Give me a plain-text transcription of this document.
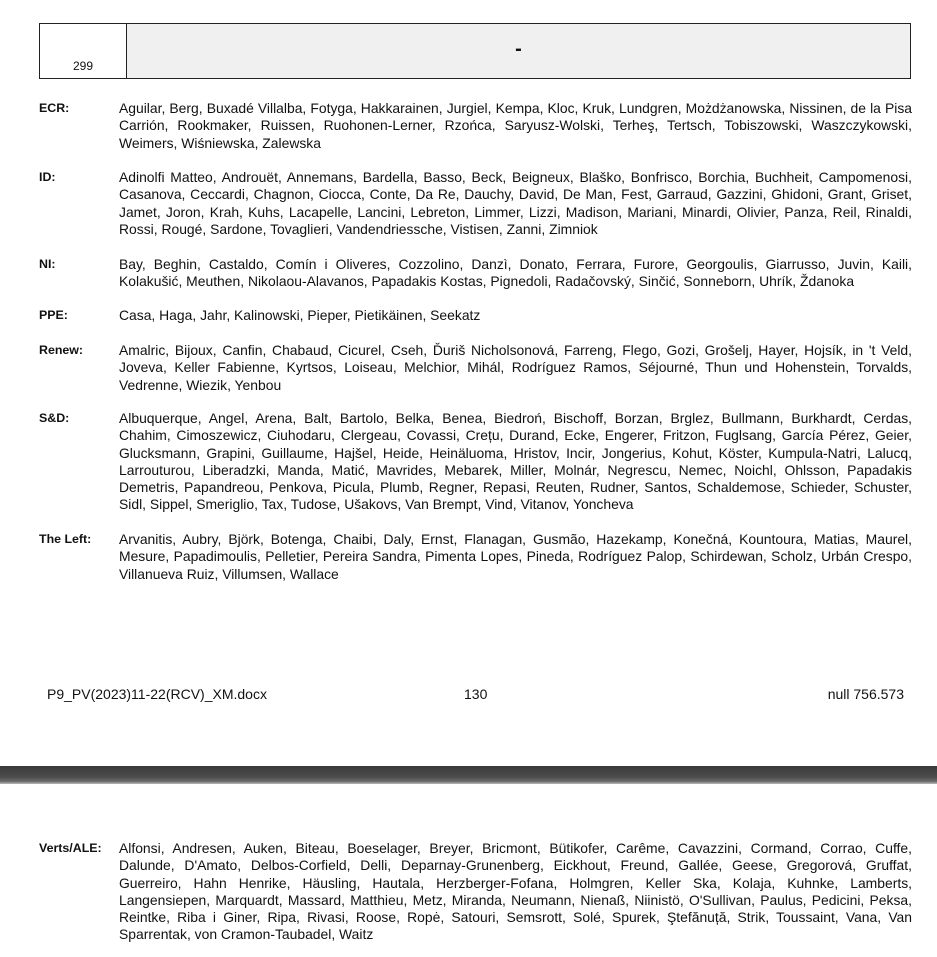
299
-
ECR:	Aguilar, Berg, Buxadé Villalba, Fotyga, Hakkarainen, Jurgiel, Kempa, Kloc, Kruk, Lundgren, Możdżanowska, Nissinen, de la Pisa Carrión, Rookmaker, Ruissen, Ruohonen-Lerner, Rzońca, Saryusz-Wolski, Terheş, Tertsch, Tobiszowski, Waszczykowski, Weimers, Wiśniewska, Zalewska
ID:	Adinolfi Matteo, Androuët, Annemans, Bardella, Basso, Beck, Beigneux, Blaško, Bonfrisco, Borchia, Buchheit, Campomenosi, Casanova, Ceccardi, Chagnon, Ciocca, Conte, Da Re, Dauchy, David, De Man, Fest, Garraud, Gazzini, Ghidoni, Grant, Griset, Jamet, Joron, Krah, Kuhs, Lacapelle, Lancini, Lebreton, Limmer, Lizzi, Madison, Mariani, Minardi, Olivier, Panza, Reil, Rinaldi, Rossi, Rougé, Sardone, Tovaglieri, Vandendriessche, Vistisen, Zanni, Zimniok
NI:	Bay, Beghin, Castaldo, Comín i Oliveres, Cozzolino, Danzì, Donato, Ferrara, Furore, Georgoulis, Giarrusso, Juvin, Kaili, Kolakušić, Meuthen, Nikolaou-Alavanos, Papadakis Kostas, Pignedoli, Radačovský, Sinčić, Sonneborn, Uhrík, Ždanoka
PPE:	Casa, Haga, Jahr, Kalinowski, Pieper, Pietikäinen, Seekatz
Renew:	Amalric, Bijoux, Canfin, Chabaud, Cicurel, Cseh, Ďuriš Nicholsonová, Farreng, Flego, Gozi, Grošelj, Hayer, Hojsík, in 't Veld, Joveva, Keller Fabienne, Kyrtsos, Loiseau, Melchior, Mihál, Rodríguez Ramos, Séjourné, Thun und Hohenstein, Torvalds, Vedrenne, Wiezik, Yenbou
S&D:	Albuquerque, Angel, Arena, Balt, Bartolo, Belka, Benea, Biedroń, Bischoff, Borzan, Brglez, Bullmann, Burkhardt, Cerdas, Chahim, Cimoszewicz, Ciuhodaru, Clergeau, Covassi, Crețu, Durand, Ecke, Engerer, Fritzon, Fuglsang, García Pérez, Geier, Glucksmann, Grapini, Guillaume, Hajšel, Heide, Heinäluoma, Hristov, Incir, Jongerius, Kohut, Köster, Kumpula-Natri, Lalucq, Larrouturou, Liberadzki, Manda, Matić, Mavrides, Mebarek, Miller, Molnár, Negrescu, Nemec, Noichl, Ohlsson, Papadakis Demetris, Papandreou, Penkova, Picula, Plumb, Regner, Repasi, Reuten, Rudner, Santos, Schaldemose, Schieder, Schuster, Sidl, Sippel, Smeriglio, Tax, Tudose, Ušakovs, Van Brempt, Vind, Vitanov, Yoncheva
The Left:	Arvanitis, Aubry, Björk, Botenga, Chaibi, Daly, Ernst, Flanagan, Gusmão, Hazekamp, Konečná, Kountoura, Matias, Maurel, Mesure, Papadimoulis, Pelletier, Pereira Sandra, Pimenta Lopes, Pineda, Rodríguez Palop, Schirdewan, Scholz, Urbán Crespo, Villanueva Ruiz, Villumsen, Wallace
P9_PV(2023)11-22(RCV)_XM.docx	130	null 756.573
Verts/ALE:	Alfonsi, Andresen, Auken, Biteau, Boeselager, Breyer, Bricmont, Bütikofer, Carême, Cavazzini, Cormand, Corrao, Cuffe, Dalunde, D'Amato, Delbos-Corfield, Delli, Deparnay-Grunenberg, Eickhout, Freund, Gallée, Geese, Gregorová, Gruffat, Guerreiro, Hahn Henrike, Häusling, Hautala, Herzberger-Fofana, Holmgren, Keller Ska, Kolaja, Kuhnke, Lamberts, Langensiepen, Marquardt, Massard, Matthieu, Metz, Miranda, Neumann, Nienaß, Niinistö, O'Sullivan, Paulus, Pedicini, Peksa, Reintke, Riba i Giner, Ripa, Rivasi, Roose, Ropė, Satouri, Semsrott, Solé, Spurek, Ştefănuță, Strik, Toussaint, Vana, Van Sparrentak, von Cramon-Taubadel, Waitz
